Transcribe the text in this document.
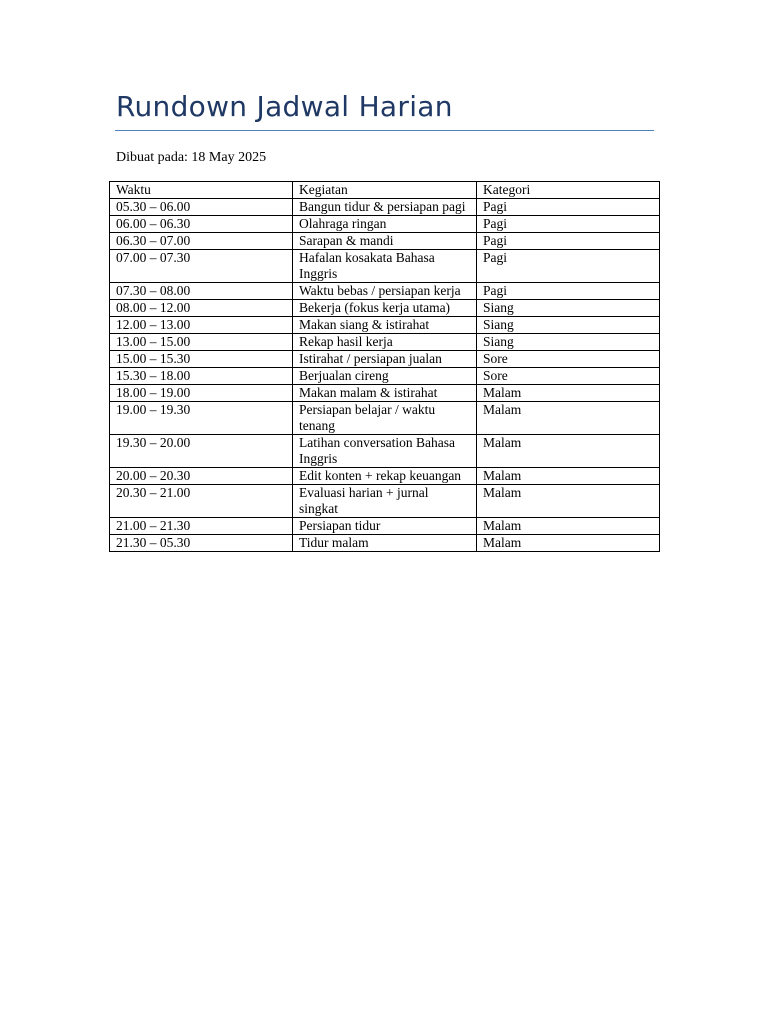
Rundown Jadwal Harian
Dibuat pada: 18 May 2025
Waktu	Kegiatan	Kategori
05.30 – 06.00	Bangun tidur & persiapan pagi	Pagi
06.00 – 06.30	Olahraga ringan	Pagi
06.30 – 07.00	Sarapan & mandi	Pagi
07.00 – 07.30	Hafalan kosakata Bahasa Inggris	Pagi
07.30 – 08.00	Waktu bebas / persiapan kerja	Pagi
08.00 – 12.00	Bekerja (fokus kerja utama)	Siang
12.00 – 13.00	Makan siang & istirahat	Siang
13.00 – 15.00	Rekap hasil kerja	Siang
15.00 – 15.30	Istirahat / persiapan jualan	Sore
15.30 – 18.00	Berjualan cireng	Sore
18.00 – 19.00	Makan malam & istirahat	Malam
19.00 – 19.30	Persiapan belajar / waktu tenang	Malam
19.30 – 20.00	Latihan conversation Bahasa Inggris	Malam
20.00 – 20.30	Edit konten + rekap keuangan	Malam
20.30 – 21.00	Evaluasi harian + jurnal singkat	Malam
21.00 – 21.30	Persiapan tidur	Malam
21.30 – 05.30	Tidur malam	Malam
